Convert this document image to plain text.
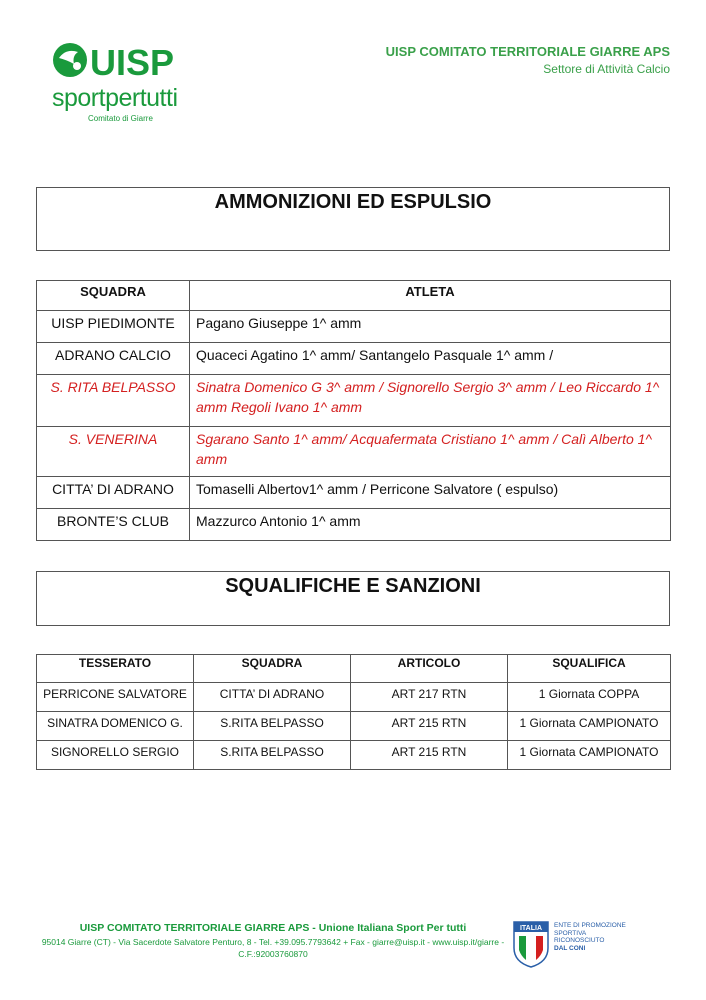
UISP
sportpertutti
Comitato di Giarre
UISP COMITATO TERRITORIALE GIARRE APS
Settore di Attività Calcio
AMMONIZIONI ED ESPULSIO
SQUADRA	ATLETA
UISP PIEDIMONTE	Pagano Giuseppe 1^ amm
ADRANO CALCIO	Quaceci Agatino 1^ amm/ Santangelo Pasquale 1^ amm /
S. RITA BELPASSO	Sinatra Domenico G 3^ amm / Signorello Sergio 3^ amm / Leo Riccardo 1^ amm Regoli Ivano 1^ amm
S. VENERINA	Sgarano Santo 1^ amm/ Acquafermata Cristiano 1^ amm / Calì Alberto 1^ amm
CITTA’ DI ADRANO	Tomaselli Albertov1^ amm / Perricone Salvatore ( espulso)
BRONTE’S CLUB	Mazzurco Antonio 1^ amm
SQUALIFICHE E SANZIONI
TESSERATO	SQUADRA	ARTICOLO	SQUALIFICA
PERRICONE SALVATORE	CITTA’ DI ADRANO	ART 217 RTN	1 Giornata COPPA
SINATRA DOMENICO G.	S.RITA BELPASSO	ART 215 RTN	1 Giornata CAMPIONATO
SIGNORELLO SERGIO	S.RITA BELPASSO	ART 215 RTN	1 Giornata CAMPIONATO
UISP COMITATO TERRITORIALE GIARRE APS - Unione Italiana Sport Per tutti
95014 Giarre (CT) - Via Sacerdote Salvatore Penturo, 8 - Tel. +39.095.7793642 + Fax - giarre@uisp.it - www.uisp.it/giarre -
C.F.:92003760870
ITALIA ENTE DI PROMOZIONE
SPORTIVA
RICONOSCIUTO
DAL CONI
